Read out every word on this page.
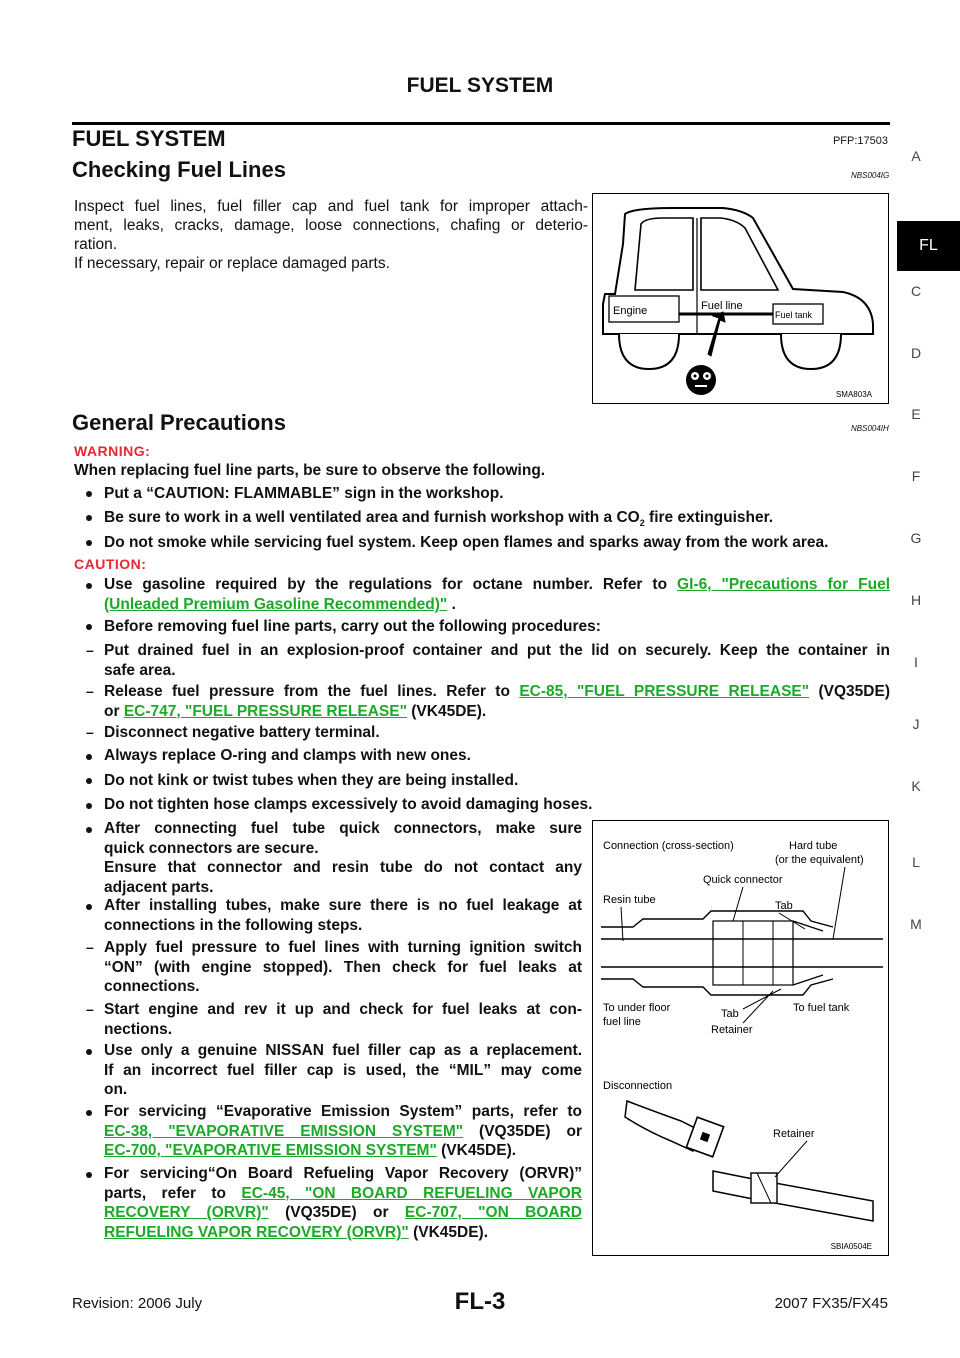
FUEL SYSTEM
FUEL SYSTEM	PFP:17503
Checking Fuel Lines	NBS004IG
Inspect fuel lines, fuel filler cap and fuel tank for improper attach-
ment, leaks, cracks, damage, loose connections, chafing or deterio-
ration.
If necessary, repair or replace damaged parts.
Engine	Fuel line
Fuel tank
SMA803A
General Precautions	NBS004IH
WARNING:
When replacing fuel line parts, be sure to observe the following.
Put a “CAUTION: FLAMMABLE” sign in the workshop.
Be sure to work in a well ventilated area and furnish workshop with a $CO_2$ fire extinguisher.
Do not smoke while servicing fuel system. Keep open flames and sparks away from the work area.
CAUTION:
Use gasoline required by the regulations for octane number. Refer to GI-6, "Precautions for Fuel
(Unleaded Premium Gasoline Recommended)" .
Before removing fuel line parts, carry out the following procedures:
– Put drained fuel in an explosion-proof container and put the lid on securely. Keep the container in
safe area.
– Release fuel pressure from the fuel lines. Refer to EC-85, "FUEL PRESSURE RELEASE" (VQ35DE)
or EC-747, "FUEL PRESSURE RELEASE" (VK45DE).
– Disconnect negative battery terminal.
Always replace O-ring and clamps with new ones.
Do not kink or twist tubes when they are being installed.
Do not tighten hose clamps excessively to avoid damaging hoses.
After connecting fuel tube quick connectors, make sure
quick connectors are secure.
Ensure that connector and resin tube do not contact any
adjacent parts.
After installing tubes, make sure there is no fuel leakage at
connections in the following steps.
– Apply fuel pressure to fuel lines with turning ignition switch
“ON” (with engine stopped). Then check for fuel leaks at
connections.
– Start engine and rev it up and check for fuel leaks at con-
nections.
Use only a genuine NISSAN fuel filler cap as a replacement.
If an incorrect fuel filler cap is used, the “MIL” may come
on.
For servicing “Evaporative Emission System” parts, refer to
EC-38, "EVAPORATIVE EMISSION SYSTEM" (VQ35DE) or
EC-700, "EVAPORATIVE EMISSION SYSTEM" (VK45DE).
For servicing“On Board Refueling Vapor Recovery (ORVR)”
parts, refer to EC-45, "ON BOARD REFUELING VAPOR
RECOVERY (ORVR)" (VQ35DE) or EC-707, "ON BOARD
REFUELING VAPOR RECOVERY (ORVR)" (VK45DE).
Connection (cross-section)	Hard tube
(or the equivalent)
Quick connector
Resin tube	Tab
To under floor
fuel line
Tab	To fuel tank
Retainer
Disconnection
Retainer
SBIA0504E
A
FL
C
D
E
F
G
H
I
J
K
L
M
Revision: 2006 July	FL-3	2007 FX35/FX45
